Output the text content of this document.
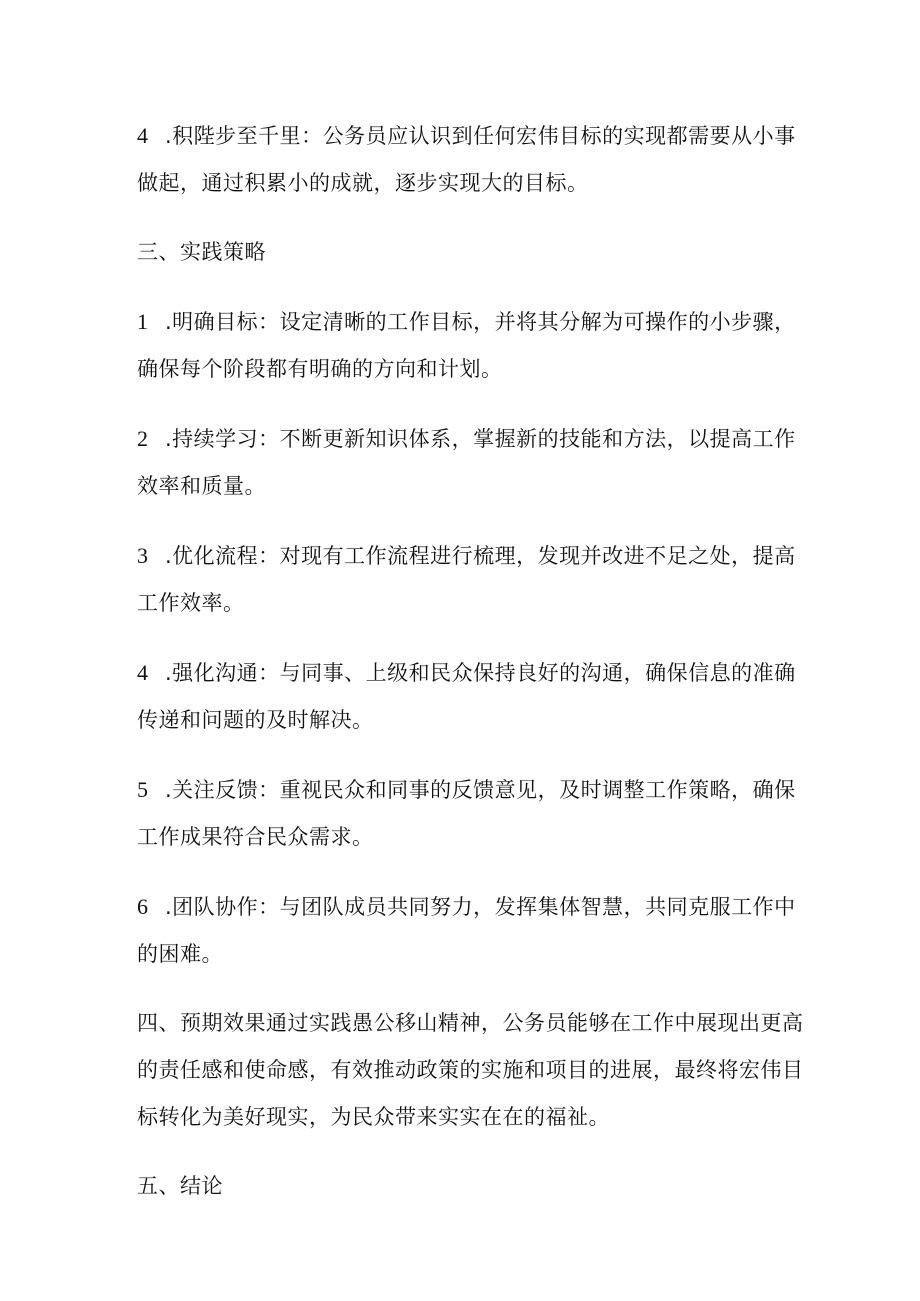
4 .积陛步至千里：公务员应认识到任何宏伟目标的实现都需要从小事做起，通过积累小的成就，逐步实现大的目标。

三、实践策略

1 .明确目标：设定清晰的工作目标，并将其分解为可操作的小步骤，确保每个阶段都有明确的方向和计划。

2 .持续学习：不断更新知识体系，掌握新的技能和方法，以提高工作效率和质量。

3 .优化流程：对现有工作流程进行梳理，发现并改进不足之处，提高工作效率。

4 .强化沟通：与同事、上级和民众保持良好的沟通，确保信息的准确传递和问题的及时解决。

5 .关注反馈：重视民众和同事的反馈意见，及时调整工作策略，确保工作成果符合民众需求。

6 .团队协作：与团队成员共同努力，发挥集体智慧，共同克服工作中的困难。

四、预期效果通过实践愚公移山精神，公务员能够在工作中展现出更高的责任感和使命感，有效推动政策的实施和项目的进展，最终将宏伟目标转化为美好现实，为民众带来实实在在的福祉。

五、结论
